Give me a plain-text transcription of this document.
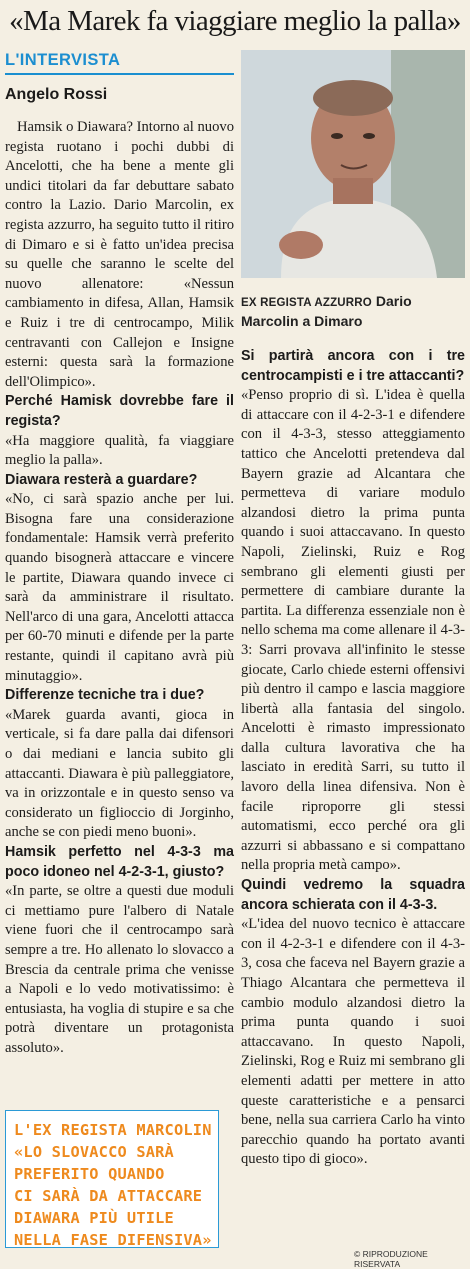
«Ma Marek fa viaggiare meglio la palla»
L'INTERVISTA
Angelo Rossi

Hamsik o Diawara? Intorno al nuovo regista ruotano i pochi dubbi di Ancelotti, che ha bene a mente gli undici titolari da far debuttare sabato contro la Lazio. Dario Marcolin, ex regista azzurro, ha seguito tutto il ritiro di Dimaro e si è fatto un'idea precisa su quelle che saranno le scelte del nuovo allenatore: «Nessun cambiamento in difesa, Allan, Hamsik e Ruiz i tre di centrocampo, Milik centravanti con Callejon e Insigne esterni: questa sarà la formazione dell'Olimpico».

Perché Hamisk dovrebbe fare il regista?

«Ha maggiore qualità, fa viaggiare meglio la palla».

Diawara resterà a guardare?

«No, ci sarà spazio anche per lui. Bisogna fare una considerazione fondamentale: Hamsik verrà preferito quando bisognerà attaccare e vincere le partite, Diawara quando invece ci sarà da amministrare il risultato. Nell'arco di una gara, Ancelotti attacca per 60-70 minuti e difende per la parte restante, quindi il capitano avrà più minutaggio».

Differenze tecniche tra i due?

«Marek guarda avanti, gioca in verticale, si fa dare palla dai difensori o dai mediani e lancia subito gli attaccanti. Diawara è più palleggiatore, va in orizzontale e in questo senso va considerato un figlioccio di Jorginho, anche se con piedi meno buoni».

Hamsik perfetto nel 4-3-3 ma poco idoneo nel 4-2-3-1, giusto?

«In parte, se oltre a questi due moduli ci mettiamo pure l'albero di Natale viene fuori che il centrocampo sarà sempre a tre. Ho allenato lo slovacco a Brescia da centrale prima che venisse a Napoli e lo vedo motivatissimo: è entusiasta, ha voglia di stupire e sa che potrà diventare un protagonista assoluto».

EX REGISTA AZZURRO Dario Marcolin a Dimaro

Si partirà ancora con i tre centrocampisti e i tre attaccanti?

«Penso proprio di sì. L'idea è quella di attaccare con il 4-2-3-1 e difendere con il 4-3-3, stesso atteggiamento tattico che Ancelotti pretendeva dal Bayern grazie ad Alcantara che permetteva di variare modulo alzandosi dietro la prima punta quando i suoi attaccavano. In questo Napoli, Zielinski, Ruiz e Rog sembrano gli elementi giusti per permettere di cambiare durante la partita. La differenza essenziale non è nello schema ma come allenare il 4-3-3: Sarri provava all'infinito le stesse giocate, Carlo chiede esterni offensivi più dentro il campo e lascia maggiore libertà alla fantasia del singolo. Ancelotti è rimasto impressionato dalla cultura lavorativa che ha lasciato in eredità Sarri, su tutto il lavoro della linea difensiva. Non è facile riproporre gli stessi automatismi, ecco perché ora gli azzurri si abbassano e si compattano nella propria metà campo».

Quindi vedremo la squadra ancora schierata con il 4-3-3.

«L'idea del nuovo tecnico è attaccare con il 4-2-3-1 e difendere con il 4-3-3, cosa che faceva nel Bayern grazie a Thiago Alcantara che permetteva il cambio modulo alzandosi dietro la prima punta quando i suoi attaccavano. In questo Napoli, Zielinski, Rog e Ruiz mi sembrano gli elementi adatti per mettere in atto queste caratteristiche e a pensarci bene, nella sua carriera Carlo ha vinto parecchio quando ha portato avanti questo tipo di gioco».

L'EX REGISTA MARCOLIN
«LO SLOVACCO SARÀ
PREFERITO QUANDO
CI SARÀ DA ATTACCARE
DIAWARA PIÙ UTILE
NELLA FASE DIFENSIVA»
© RIPRODUZIONE RISERVATA
